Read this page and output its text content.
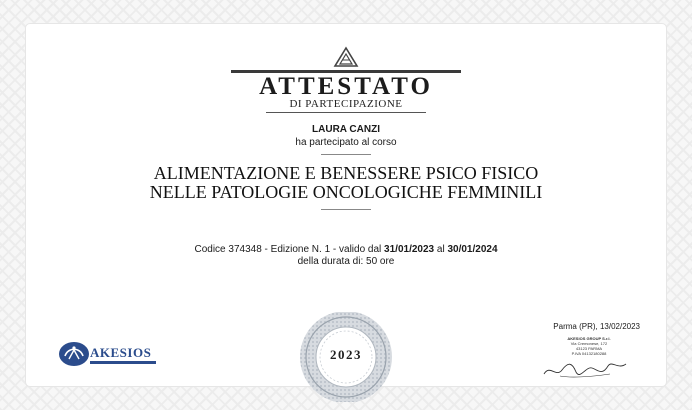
ATTESTATO
DI PARTECIPAZIONE
LAURA CANZI
ha partecipato al corso
ALIMENTAZIONE E BENESSERE PSICO FISICO
NELLE PATOLOGIE ONCOLOGICHE FEMMINILI
Codice 374348 - Edizione N. 1 - valido dal 31/01/2023 al 30/01/2024
della durata di: 50 ore
2023
AKESIOS
Parma (PR), 13/02/2023
AKESIOS GROUP S.r.l.
Via Cremonese, 172
43123 PARMA
P.IVA 04132180288
